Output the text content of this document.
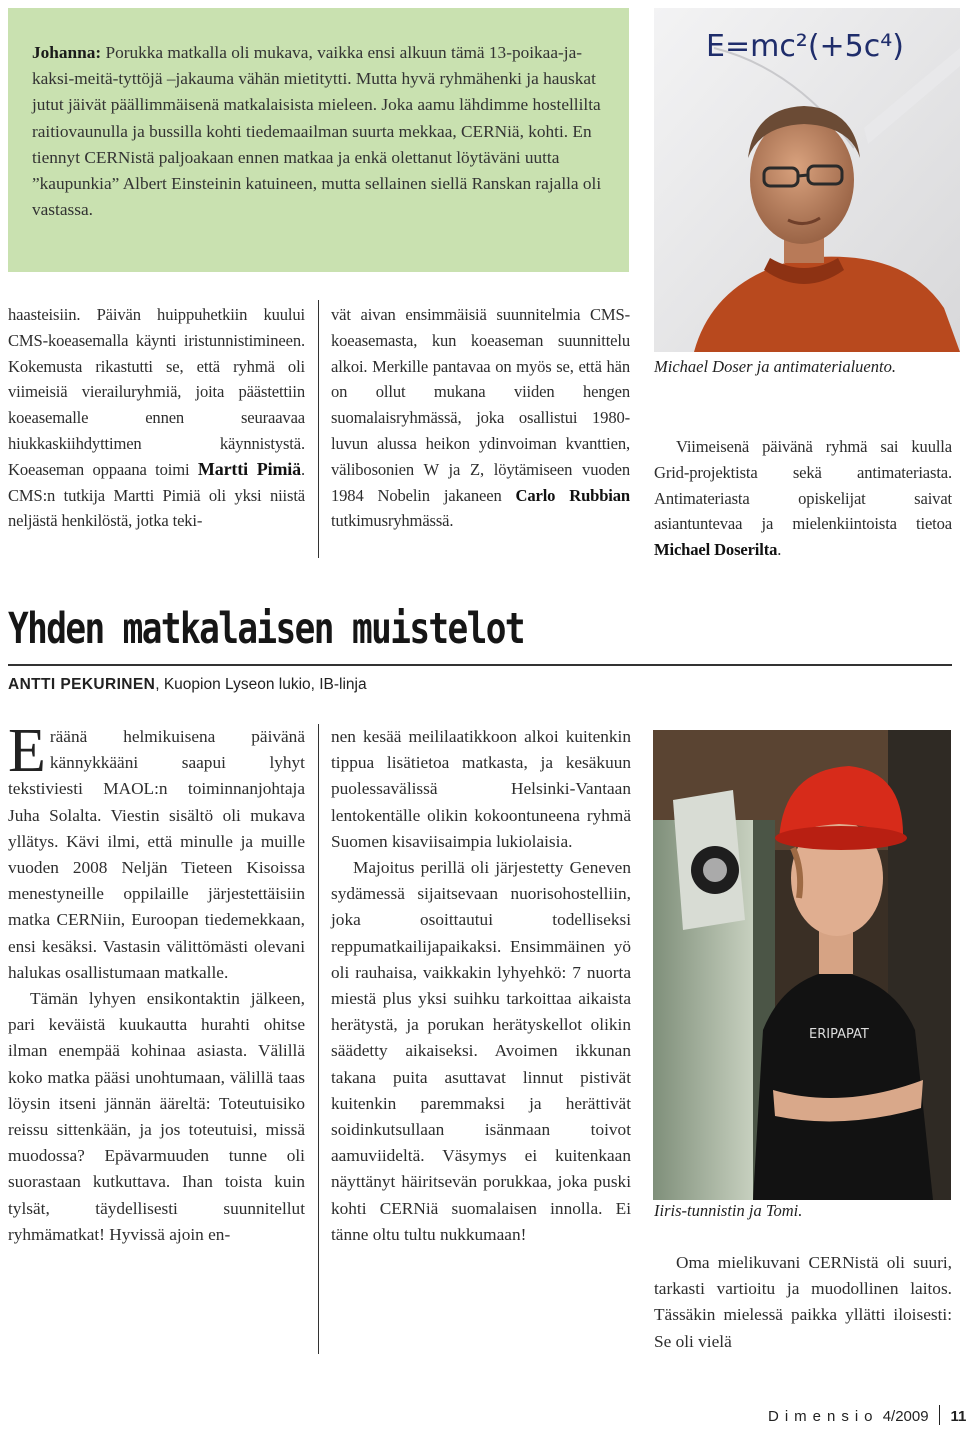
Johanna: Porukka matkalla oli mukava, vaikka ensi alkuun tämä 13-poikaa-ja-kaksi-meitä-tyttöjä –jakauma vähän mietitytti. Mutta hyvä ryhmähenki ja hauskat jutut jäivät päällimmäisenä matkalaisista mieleen. Joka aamu lähdimme hostellilta raitiovaunulla ja bussilla kohti tiedemaailman suurta mekkaa, CERNiä, kohti. En tiennyt CERNistä paljoakaan ennen matkaa ja enkä olettanut löytäväni uutta ”kaupunkia” Albert Einsteinin katuineen, mutta sellainen siellä Ranskan rajalla oli vastassa.

E=mc²(+5c⁴)
Michael Doser ja antimaterialuento.

haasteisiin. Päivän huippuhetkiin kuului CMS-koeasemalla käynti iristunnistimineen. Kokemusta rikastutti se, että ryhmä oli viimeisiä vierailuryhmiä, joita päästettiin koeasemalle ennen seuraavaa hiukkaskiihdyttimen käynnistystä. Koeaseman oppaana toimi Martti Pimiä. CMS:n tutkija Martti Pimiä oli yksi niistä neljästä henkilöstä, jotka teki-

vät aivan ensimmäisiä suunnitelmia CMS-koeasemasta, kun koeaseman suunnittelu alkoi. Merkille pantavaa on myös se, että hän on ollut mukana viiden hengen suomalaisryhmässä, joka osallistui 1980-luvun alussa heikon ydinvoiman kvanttien, välibosonien W ja Z, löytämiseen vuoden 1984 Nobelin jakaneen Carlo Rubbian tutkimusryhmässä.

Viimeisenä päivänä ryhmä sai kuulla Grid-projektista sekä antimateriasta. Antimateriasta opiskelijat saivat asiantuntevaa ja mielenkiintoista tietoa Michael Doserilta.

Yhden matkalaisen muistelot
ANTTI PEKURINEN, Kuopion Lyseon lukio, IB-linja

Eräänä helmikuisena päivänä kännykkääni saapui lyhyt tekstiviesti MAOL:n toiminnanjohtaja Juha Solalta. Viestin sisältö oli mukava yllätys. Kävi ilmi, että minulle ja muille vuoden 2008 Neljän Tieteen Kisoissa menestyneille oppilaille järjestettäisiin matka CERNiin, Euroopan tiedemekkaan, ensi kesäksi. Vastasin välittömästi olevani halukas osallistumaan matkalle.

Tämän lyhyen ensikontaktin jälkeen, pari keväistä kuukautta hurahti ohitse ilman enempää kohinaa asiasta. Välillä koko matka pääsi unohtumaan, välillä taas löysin itseni jännän ääreltä: Toteutuisiko reissu sittenkään, ja jos toteutuisi, missä muodossa? Epävarmuuden tunne oli suorastaan kutkuttava. Ihan toista kuin tylsät, täydellisesti suunnitellut ryhmämatkat! Hyvissä ajoin en-

nen kesää meililaatikkoon alkoi kuitenkin tippua lisätietoa matkasta, ja kesäkuun puolessavälissä Helsinki-Vantaan lentokentälle olikin kokoontuneena ryhmä Suomen kisaviisaimpia lukiolaisia.

Majoitus perillä oli järjestetty Geneven sydämessä sijaitsevaan nuorisohostelliin, joka osoittautui todelliseksi reppumatkailijapaikaksi. Ensimmäinen yö oli rauhaisa, vaikkakin lyhyehkö: 7 nuorta miestä plus yksi suihku tarkoittaa aikaista herätystä, ja porukan herätyskellot olikin säädetty aikaiseksi. Avoimen ikkunan takana puita asuttavat linnut pistivät kuitenkin paremmaksi ja herättivät soidinkutsullaan isänmaan toivot aamuviideltä. Väsymys ei kuitenkaan näyttänyt häiritsevän porukkaa, joka puski kohti CERNiä suomalaisen innolla. Ei tänne oltu tultu nukkumaan!

ERIPAPAT
Iiris-tunnistin ja Tomi.

Oma mielikuvani CERNistä oli suuri, tarkasti vartioitu ja muodollinen laitos. Tässäkin mielessä paikka yllätti iloisesti: Se oli vielä

Dimensio 4/2009 11
